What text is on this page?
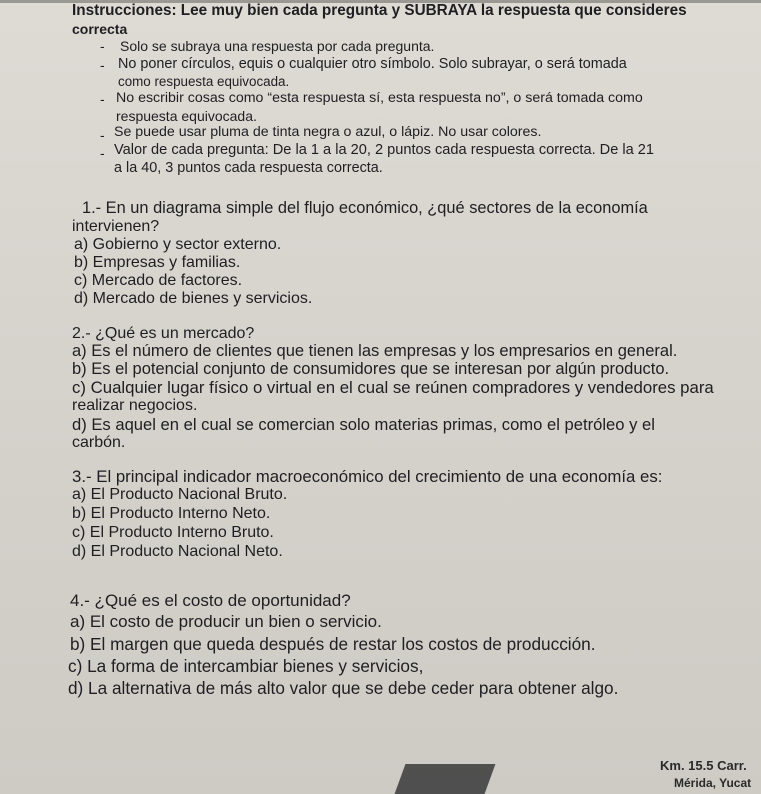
Instrucciones: Lee muy bien cada pregunta y SUBRAYA la respuesta que consideres
correcta
- Solo se subraya una respuesta por cada pregunta.
- No poner círculos, equis o cualquier otro símbolo. Solo subrayar, o será tomada
como respuesta equivocada.
- No escribir cosas como “esta respuesta sí, esta respuesta no”, o será tomada como
respuesta equivocada.
- Se puede usar pluma de tinta negra o azul, o lápiz. No usar colores.
- Valor de cada pregunta: De la 1 a la 20, 2 puntos cada respuesta correcta. De la 21
a la 40, 3 puntos cada respuesta correcta.
1.- En un diagrama simple del flujo económico, ¿qué sectores de la economía
intervienen?
a) Gobierno y sector externo.
b) Empresas y familias.
c) Mercado de factores.
d) Mercado de bienes y servicios.
2.- ¿Qué es un mercado?
a) Es el número de clientes que tienen las empresas y los empresarios en general.
b) Es el potencial conjunto de consumidores que se interesan por algún producto.
c) Cualquier lugar físico o virtual en el cual se reúnen compradores y vendedores para
realizar negocios.
d) Es aquel en el cual se comercian solo materias primas, como el petróleo y el
carbón.
3.- El principal indicador macroeconómico del crecimiento de una economía es:
a) El Producto Nacional Bruto.
b) El Producto Interno Neto.
c) El Producto Interno Bruto.
d) El Producto Nacional Neto.
4.- ¿Qué es el costo de oportunidad?
a) El costo de producir un bien o servicio.
b) El margen que queda después de restar los costos de producción.
c) La forma de intercambiar bienes y servicios,
d) La alternativa de más alto valor que se debe ceder para obtener algo.
Km. 15.5 Carr.
Mérida, Yucat
